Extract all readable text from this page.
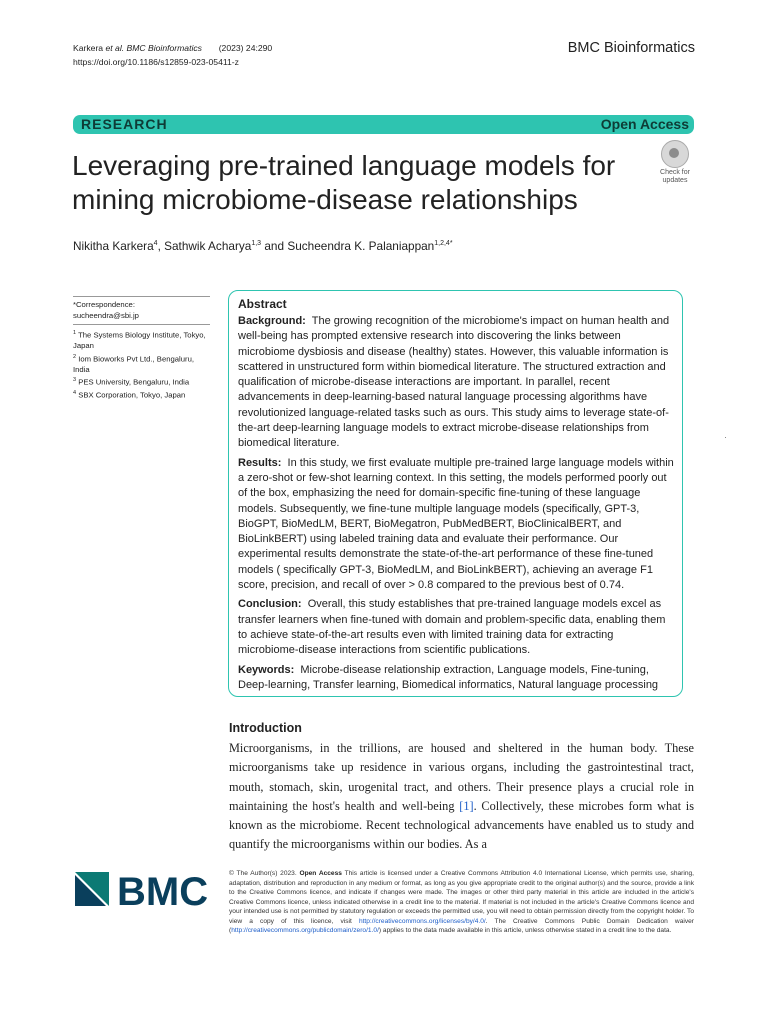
Karkera et al. BMC Bioinformatics (2023) 24:290
https://doi.org/10.1186/s12859-023-05411-z
BMC Bioinformatics
RESEARCH	Open Access
Leveraging pre-trained language models for mining microbiome-disease relationships
Check for
updates
Nikitha Karkera$^4$, Sathwik Acharya$^{1,3}$ and Sucheendra K. Palaniappan$^{1,2,4*}$
*Correspondence:
sucheendra@sbi.jp
$^1$ The Systems Biology Institute, Tokyo, Japan
$^2$ Iom Bioworks Pvt Ltd., Bengaluru, India
$^3$ PES University, Bengaluru, India
$^4$ SBX Corporation, Tokyo, Japan
Abstract

Background: The growing recognition of the microbiome's impact on human health and well-being has prompted extensive research into discovering the links between microbiome dysbiosis and disease (healthy) states. However, this valuable information is scattered in unstructured form within biomedical literature. The structured extraction and qualification of microbe-disease interactions are important. In parallel, recent advancements in deep-learning-based natural language processing algorithms have revolutionized language-related tasks such as ours. This study aims to leverage state-of-the-art deep-learning language models to extract microbe-disease relationships from biomedical literature.

Results: In this study, we first evaluate multiple pre-trained large language models within a zero-shot or few-shot learning context. In this setting, the models performed poorly out of the box, emphasizing the need for domain-specific fine-tuning of these language models. Subsequently, we fine-tune multiple language models (specifically, GPT-3, BioGPT, BioMedLM, BERT, BioMegatron, PubMedBERT, BioClinicalBERT, and BioLinkBERT) using labeled training data and evaluate their performance. Our experimental results demonstrate the state-of-the-art performance of these fine-tuned models ( specifically GPT-3, BioMedLM, and BioLinkBERT), achieving an average F1 score, precision, and recall of over > 0.8 compared to the previous best of 0.74.

Conclusion: Overall, this study establishes that pre-trained language models excel as transfer learners when fine-tuned with domain and problem-specific data, enabling them to achieve state-of-the-art results even with limited training data for extracting microbiome-disease interactions from scientific publications.

Keywords: Microbe-disease relationship extraction, Language models, Fine-tuning, Deep-learning, Transfer learning, Biomedical informatics, Natural language processing

Introduction

Microorganisms, in the trillions, are housed and sheltered in the human body. These microorganisms take up residence in various organs, including the gastrointestinal tract, mouth, stomach, skin, urogenital tract, and others. Their presence plays a crucial role in maintaining the host's health and well-being [1]. Collectively, these microbes form what is known as the microbiome. Recent technological advancements have enabled us to study and quantify the microorganisms within our bodies. As a

BMC	© The Author(s) 2023. Open Access This article is licensed under a Creative Commons Attribution 4.0 International License, which permits use, sharing, adaptation, distribution and reproduction in any medium or format, as long as you give appropriate credit to the original author(s) and the source, provide a link to the Creative Commons licence, and indicate if changes were made. The images or other third party material in this article are included in the article's Creative Commons licence, unless indicated otherwise in a credit line to the material. If material is not included in the article's Creative Commons licence and your intended use is not permitted by statutory regulation or exceeds the permitted use, you will need to obtain permission directly from the copyright holder. To view a copy of this licence, visit http://creativecommons.org/licenses/by/4.0/. The Creative Commons Public Domain Dedication waiver (http://creativecommons.org/publicdomain/zero/1.0/) applies to the data made available in this article, unless otherwise stated in a credit line to the data.
